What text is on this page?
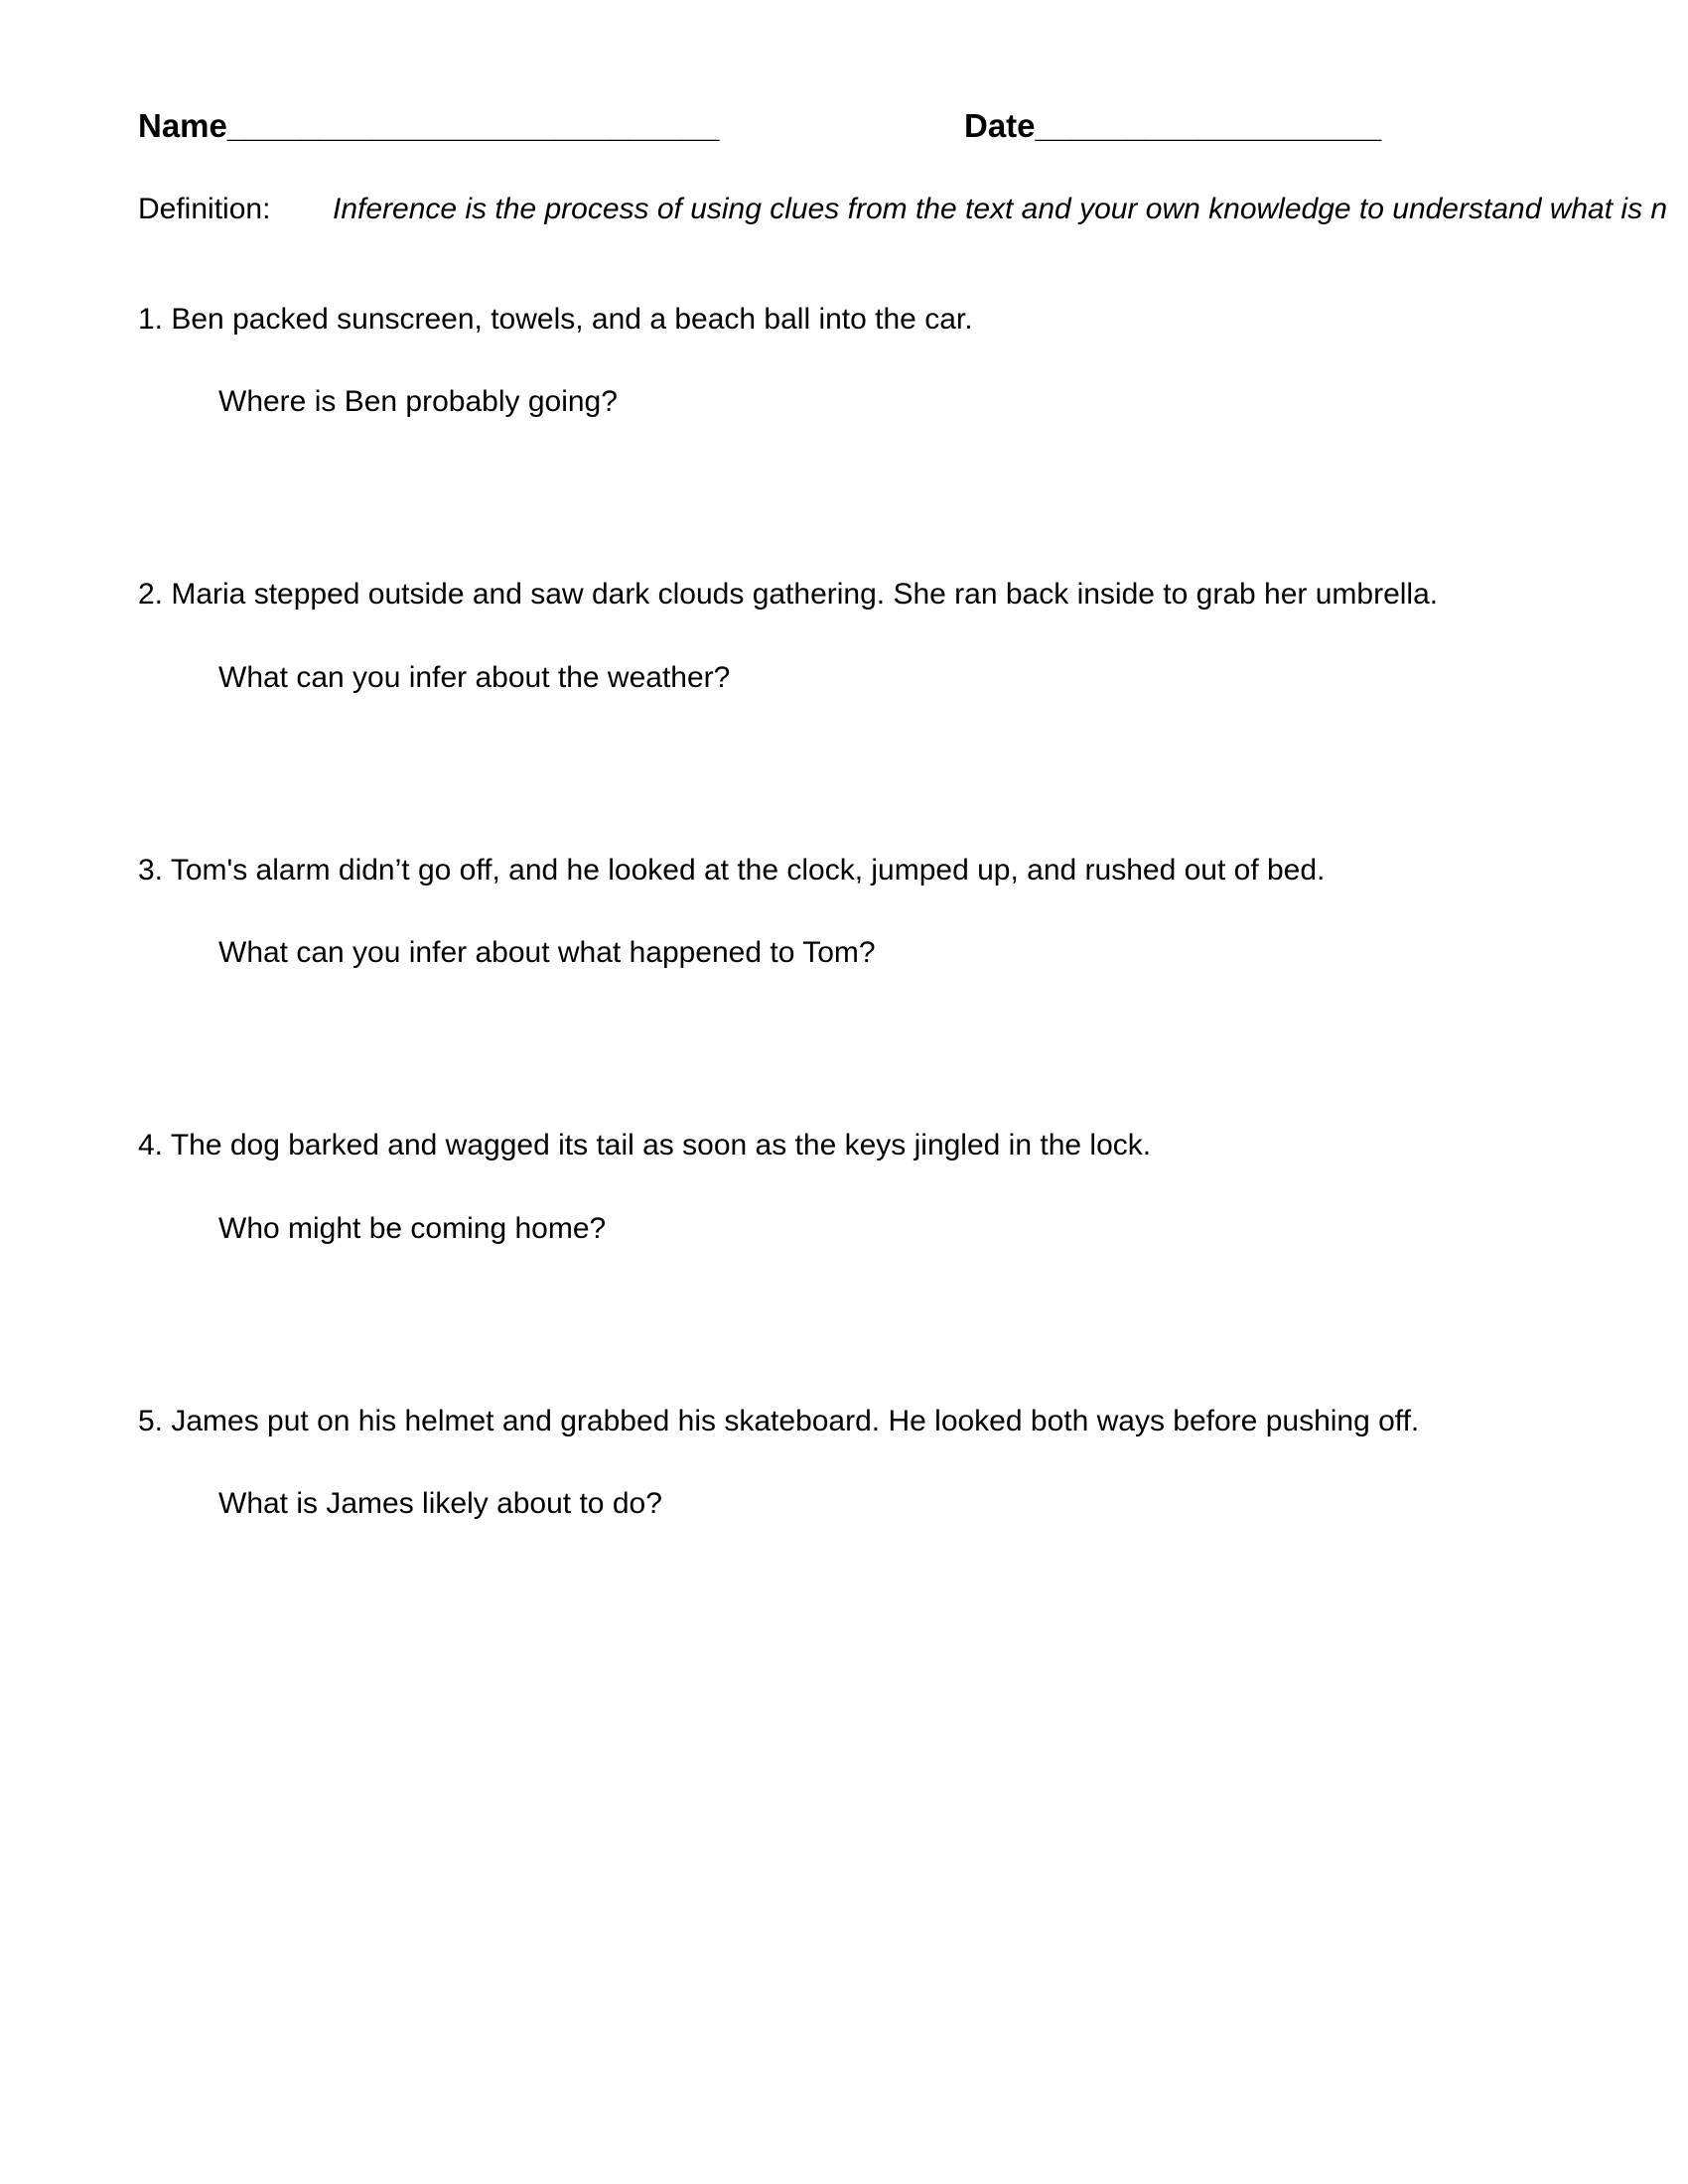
Name___________________________	Date___________________
Definition: Inference is the process of using clues from the text and your own knowledge to understand what is n
1. Ben packed sunscreen, towels, and a beach ball into the car.
Where is Ben probably going?
2. Maria stepped outside and saw dark clouds gathering. She ran back inside to grab her umbrella.
What can you infer about the weather?
3. Tom's alarm didn’t go off, and he looked at the clock, jumped up, and rushed out of bed.
What can you infer about what happened to Tom?
4. The dog barked and wagged its tail as soon as the keys jingled in the lock.
Who might be coming home?
5. James put on his helmet and grabbed his skateboard. He looked both ways before pushing off.
What is James likely about to do?
